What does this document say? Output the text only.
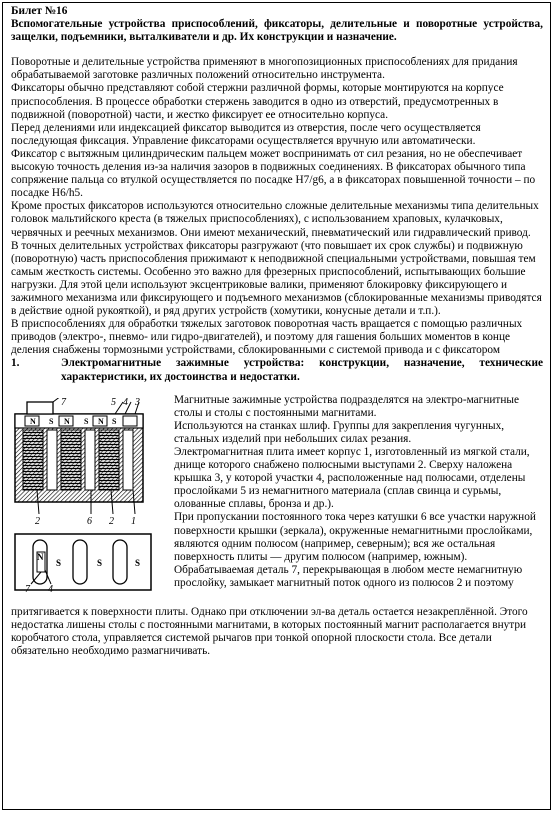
Билет №16

Вспомогательные устройства приспособлений, фиксаторы, делительные и поворотные устройства, защелки, подъемники, выталкиватели и др. Их конструкции и назначение.

Поворотные и делительные устройства применяют в многопозиционных приспособлениях для придания обрабатываемой заготовке различных положений относительно инструмента.

Фиксаторы обычно представляют собой стержни различной формы, которые монтируются на корпусе приспособления. В процессе обработки стержень заводится в одно из отверстий, предусмотренных в подвижной (поворотной) части, и жестко фиксирует ее относительно корпуса.

Перед делениями или индексацией фиксатор выводится из отверстия, после чего осуществляется последующая фиксация. Управление фиксаторами осуществляется вручную или автоматически.

Фиксатор с вытяжным цилиндрическим пальцем может воспринимать от сил резания, но не обеспечивает высокую точность деления из-за наличия зазоров в подвижных соединениях. В фиксаторах обычного типа сопряжение пальца со втулкой осуществляется по посадке H7/g6, а в фиксаторах повышенной точности – по посадке H6/h5.

Кроме простых фиксаторов используются относительно сложные делительные механизмы типа делительных головок мальтийского креста (в тяжелых приспособлениях), с использованием храповых, кулачковых, червячных и реечных механизмов. Они имеют механический, пневматический или гидравлический привод.

В точных делительных устройствах фиксаторы разгружают (что повышает их срок службы) и подвижную (поворотную) часть приспособления прижимают к неподвижной специальными устройствами, повышая тем самым жесткость системы. Особенно это важно для фрезерных приспособлений, испытывающих большие нагрузки. Для этой цели используют эксцентриковые валики, применяют блокировку фиксирующего и зажимного механизма или фиксирующего и подъемного механизмов (сблокированные механизмы приводятся в действие одной рукояткой), и ряд других устройств (хомутики, конусные детали и т.п.).

В приспособлениях для обработки тяжелых заготовок поворотная часть вращается с помощью различных приводов (электро-, пневмо- или гидро-двигателей), и поэтому для гашения больших моментов в конце деления снабжены тормозными устройствами, сблокированными с системой привода и с фиксатором

1.	Электромагнитные зажимные устройства: конструкции, назначение, технические характеристики, их достоинства и недостатки.
N S N S N S
7	5 4 3
2	6 2 1
N
S	S	S
7 4

Магнитные зажимные устройства подразделятся на электро-магнитные столы и столы с постоянными магнитами.

Используются на станках шлиф. Группы для закрепления чугунных, стальных изделий при небольших силах резания.

Электромагнитная плита имеет корпус 1, изготовленный из мягкой стали, днище которого снабжено полюсными выступами 2. Сверху наложена крышка 3, у которой участки 4, расположенные над полюсами, отделены прослойками 5 из немагнитного материала (сплав свинца и сурьмы, олованные сплавы, бронза и др.).

При пропускании постоянного тока через катушки 6 все участки наружной поверхности крышки (зеркала), окруженные немагнитными прослойками, являются одним полюсом (например, северным); вся же остальная поверхность плиты — другим полюсом (например, южным).

Обрабатываемая деталь 7, перекрывающая в любом месте немагнитную прослойку, замыкает магнитный поток одного из полюсов 2 и поэтому

притягивается к поверхности плиты. Однако при отключении эл-ва деталь остается незакреплённой. Этого недостатка лишены столы с постоянными магнитами, в которых постоянный магнит располагается внутри коробчатого стола, управляется системой рычагов при тонкой опорной плоскости стола. Все детали обязательно необходимо размагничивать.
